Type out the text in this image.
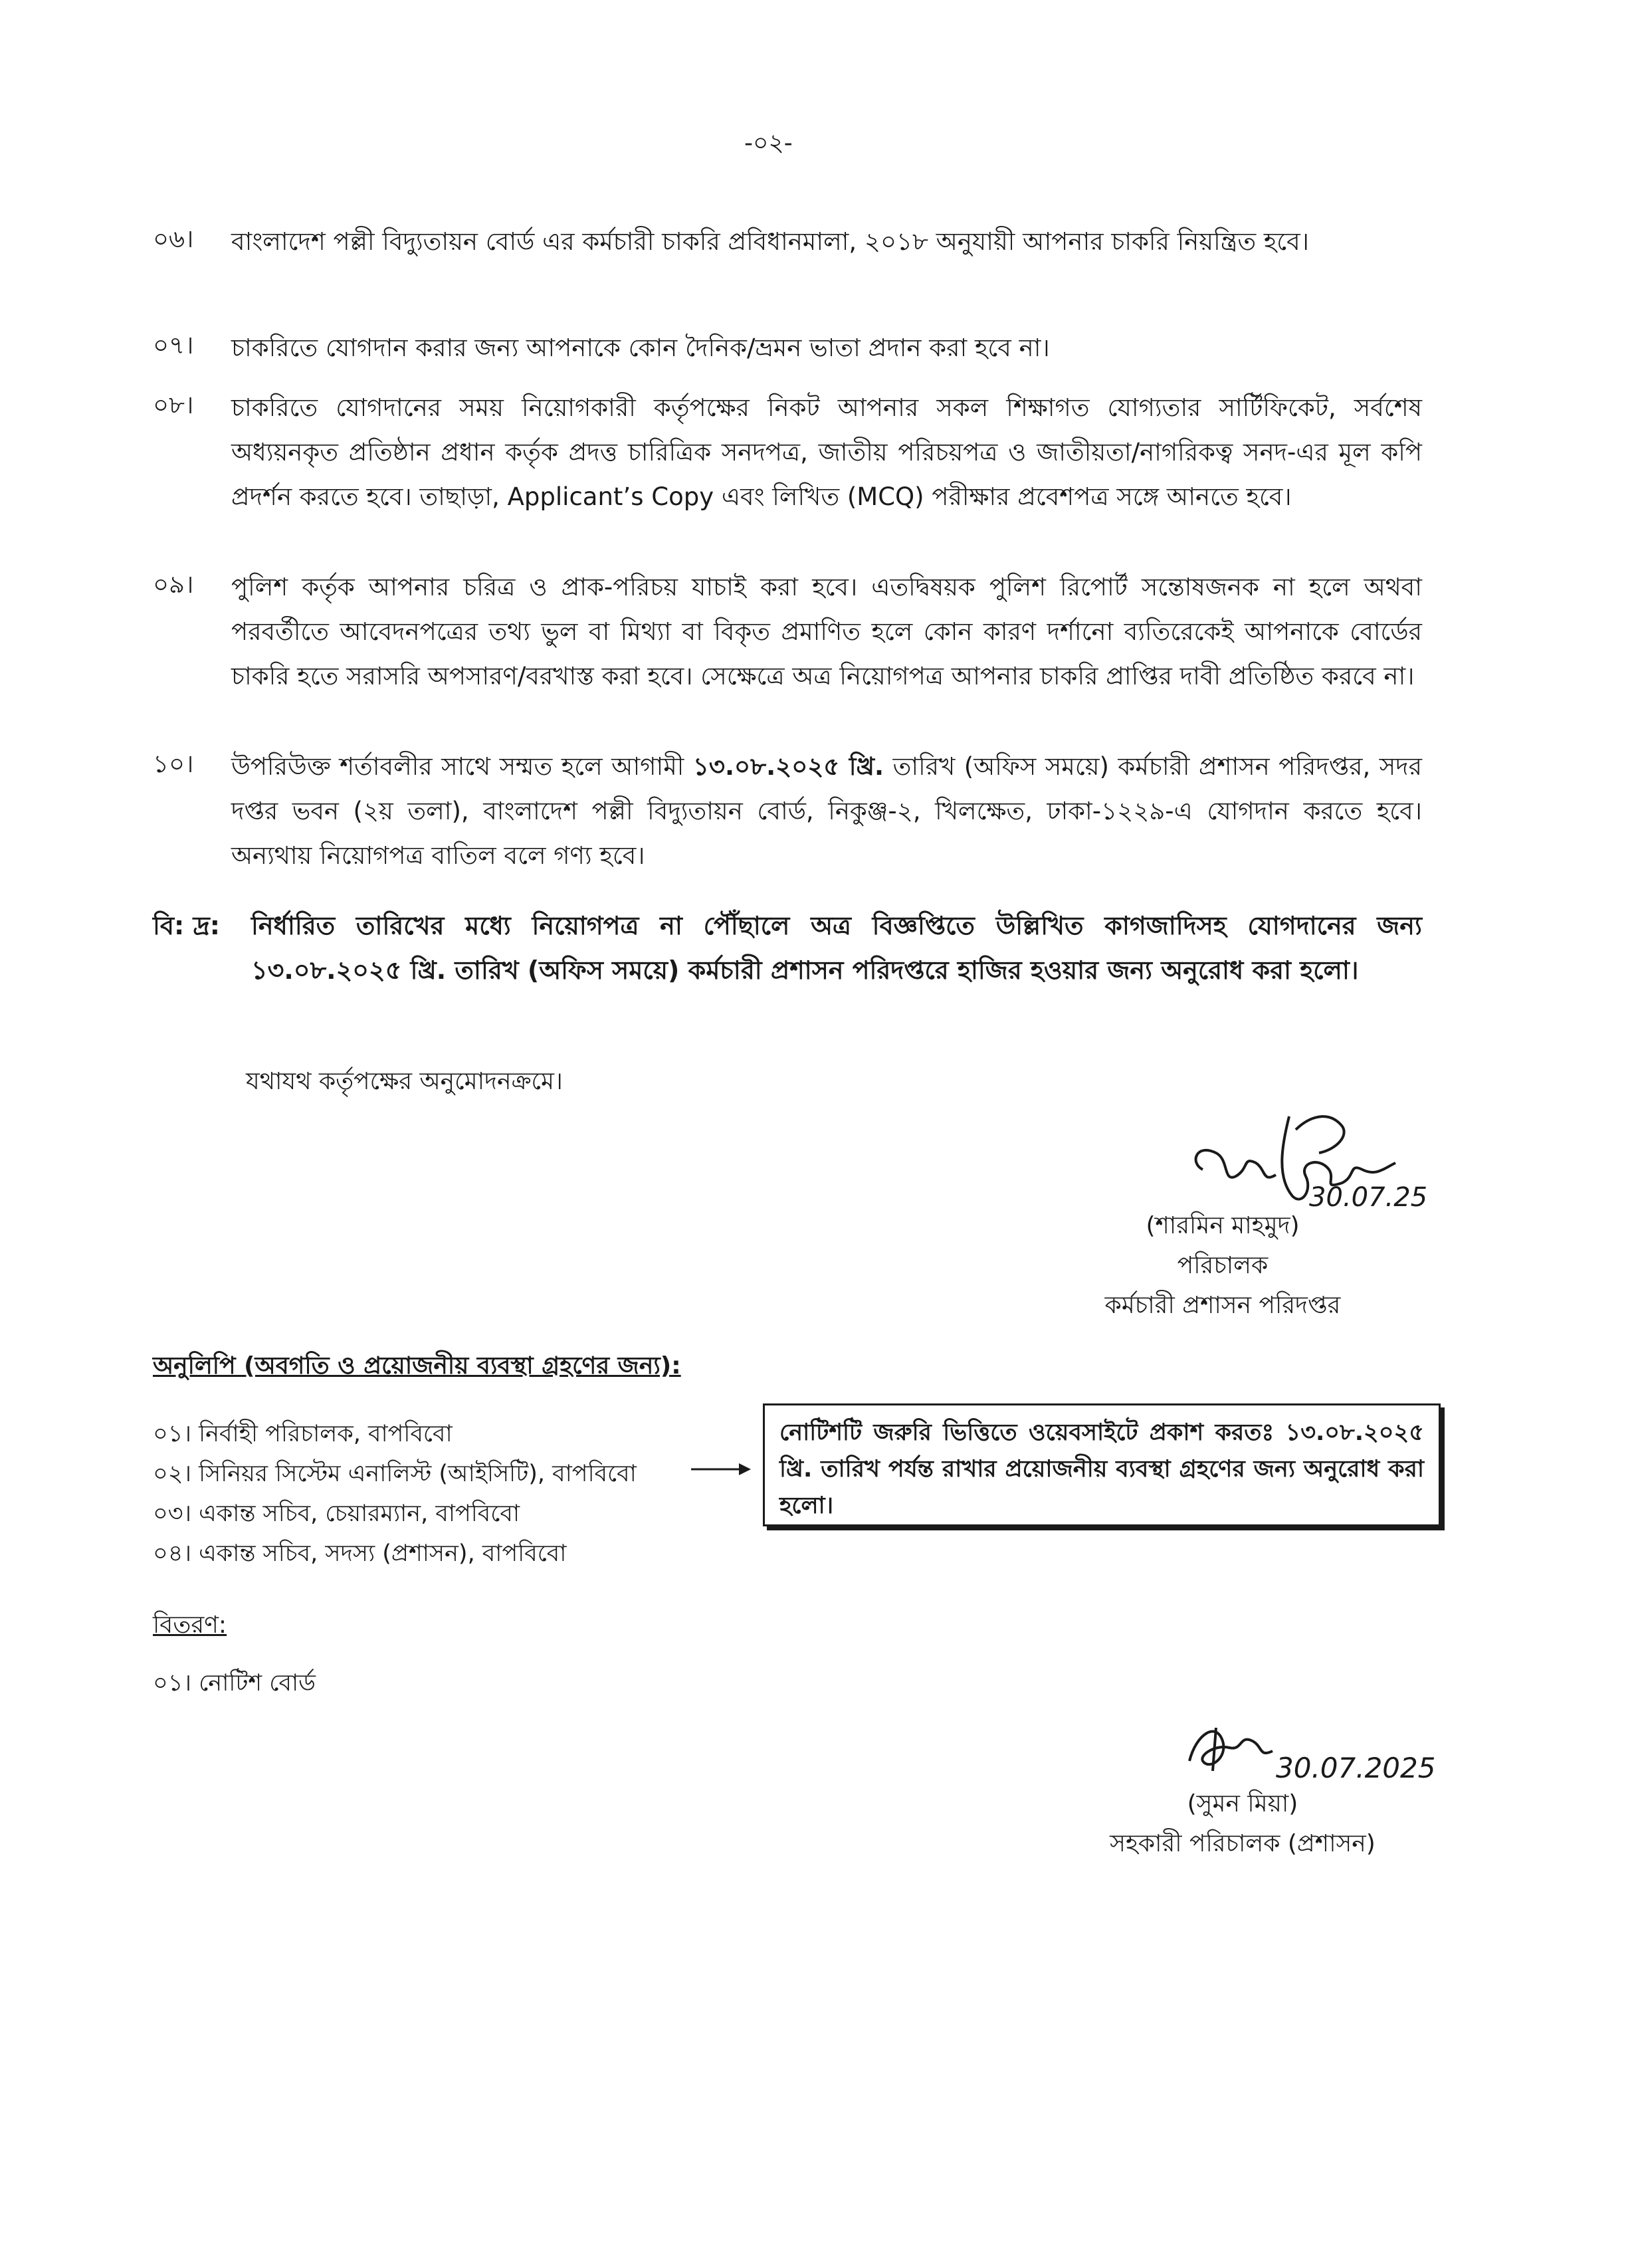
-০২-
০৬। বাংলাদেশ পল্লী বিদ্যুতায়ন বোর্ড এর কর্মচারী চাকরি প্রবিধানমালা, ২০১৮ অনুযায়ী আপনার চাকরি নিয়ন্ত্রিত হবে।
০৭। চাকরিতে যোগদান করার জন্য আপনাকে কোন দৈনিক/ভ্রমন ভাতা প্রদান করা হবে না।
০৮। চাকরিতে যোগদানের সময় নিয়োগকারী কর্তৃপক্ষের নিকট আপনার সকল শিক্ষাগত যোগ্যতার সার্টিফিকেট, সর্বশেষ অধ্যয়নকৃত প্রতিষ্ঠান প্রধান কর্তৃক প্রদত্ত চারিত্রিক সনদপত্র, জাতীয় পরিচয়পত্র ও জাতীয়তা/নাগরিকত্ব সনদ-এর মূল কপি প্রদর্শন করতে হবে। তাছাড়া, Applicant’s Copy এবং লিখিত (MCQ) পরীক্ষার প্রবেশপত্র সঙ্গে আনতে হবে।
০৯। পুলিশ কর্তৃক আপনার চরিত্র ও প্রাক-পরিচয় যাচাই করা হবে। এতদ্বিষয়ক পুলিশ রিপোর্ট সন্তোষজনক না হলে অথবা পরবর্তীতে আবেদনপত্রের তথ্য ভুল বা মিথ্যা বা বিকৃত প্রমাণিত হলে কোন কারণ দর্শানো ব্যতিরেকেই আপনাকে বোর্ডের চাকরি হতে সরাসরি অপসারণ/বরখাস্ত করা হবে। সেক্ষেত্রে অত্র নিয়োগপত্র আপনার চাকরি প্রাপ্তির দাবী প্রতিষ্ঠিত করবে না।
১০। উপরিউক্ত শর্তাবলীর সাথে সম্মত হলে আগামী ১৩.০৮.২০২৫ খ্রি. তারিখ (অফিস সময়ে) কর্মচারী প্রশাসন পরিদপ্তর, সদর দপ্তর ভবন (২য় তলা), বাংলাদেশ পল্লী বিদ্যুতায়ন বোর্ড, নিকুঞ্জ-২, খিলক্ষেত, ঢাকা-১২২৯-এ যোগদান করতে হবে। অন্যথায় নিয়োগপত্র বাতিল বলে গণ্য হবে।
বি: দ্র: নির্ধারিত তারিখের মধ্যে নিয়োগপত্র না পৌঁছালে অত্র বিজ্ঞপ্তিতে উল্লিখিত কাগজাদিসহ যোগদানের জন্য ১৩.০৮.২০২৫ খ্রি. তারিখ (অফিস সময়ে) কর্মচারী প্রশাসন পরিদপ্তরে হাজির হওয়ার জন্য অনুরোধ করা হলো।
যথাযথ কর্তৃপক্ষের অনুমোদনক্রমে।
30.07.25
(শারমিন মাহমুদ)
পরিচালক
কর্মচারী প্রশাসন পরিদপ্তর
অনুলিপি (অবগতি ও প্রয়োজনীয় ব্যবস্থা গ্রহণের জন্য):
০১। নির্বাহী পরিচালক, বাপবিবো
০২। সিনিয়র সিস্টেম এনালিস্ট (আইসিটি), বাপবিবো
০৩। একান্ত সচিব, চেয়ারম্যান, বাপবিবো
০৪। একান্ত সচিব, সদস্য (প্রশাসন), বাপবিবো
নোটিশটি জরুরি ভিত্তিতে ওয়েবসাইটে প্রকাশ করতঃ ১৩.০৮.২০২৫ খ্রি. তারিখ পর্যন্ত রাখার প্রয়োজনীয় ব্যবস্থা গ্রহণের জন্য অনুরোধ করা হলো।
বিতরণ:
০১। নোটিশ বোর্ড
30.07.2025
(সুমন মিয়া)
সহকারী পরিচালক (প্রশাসন)
